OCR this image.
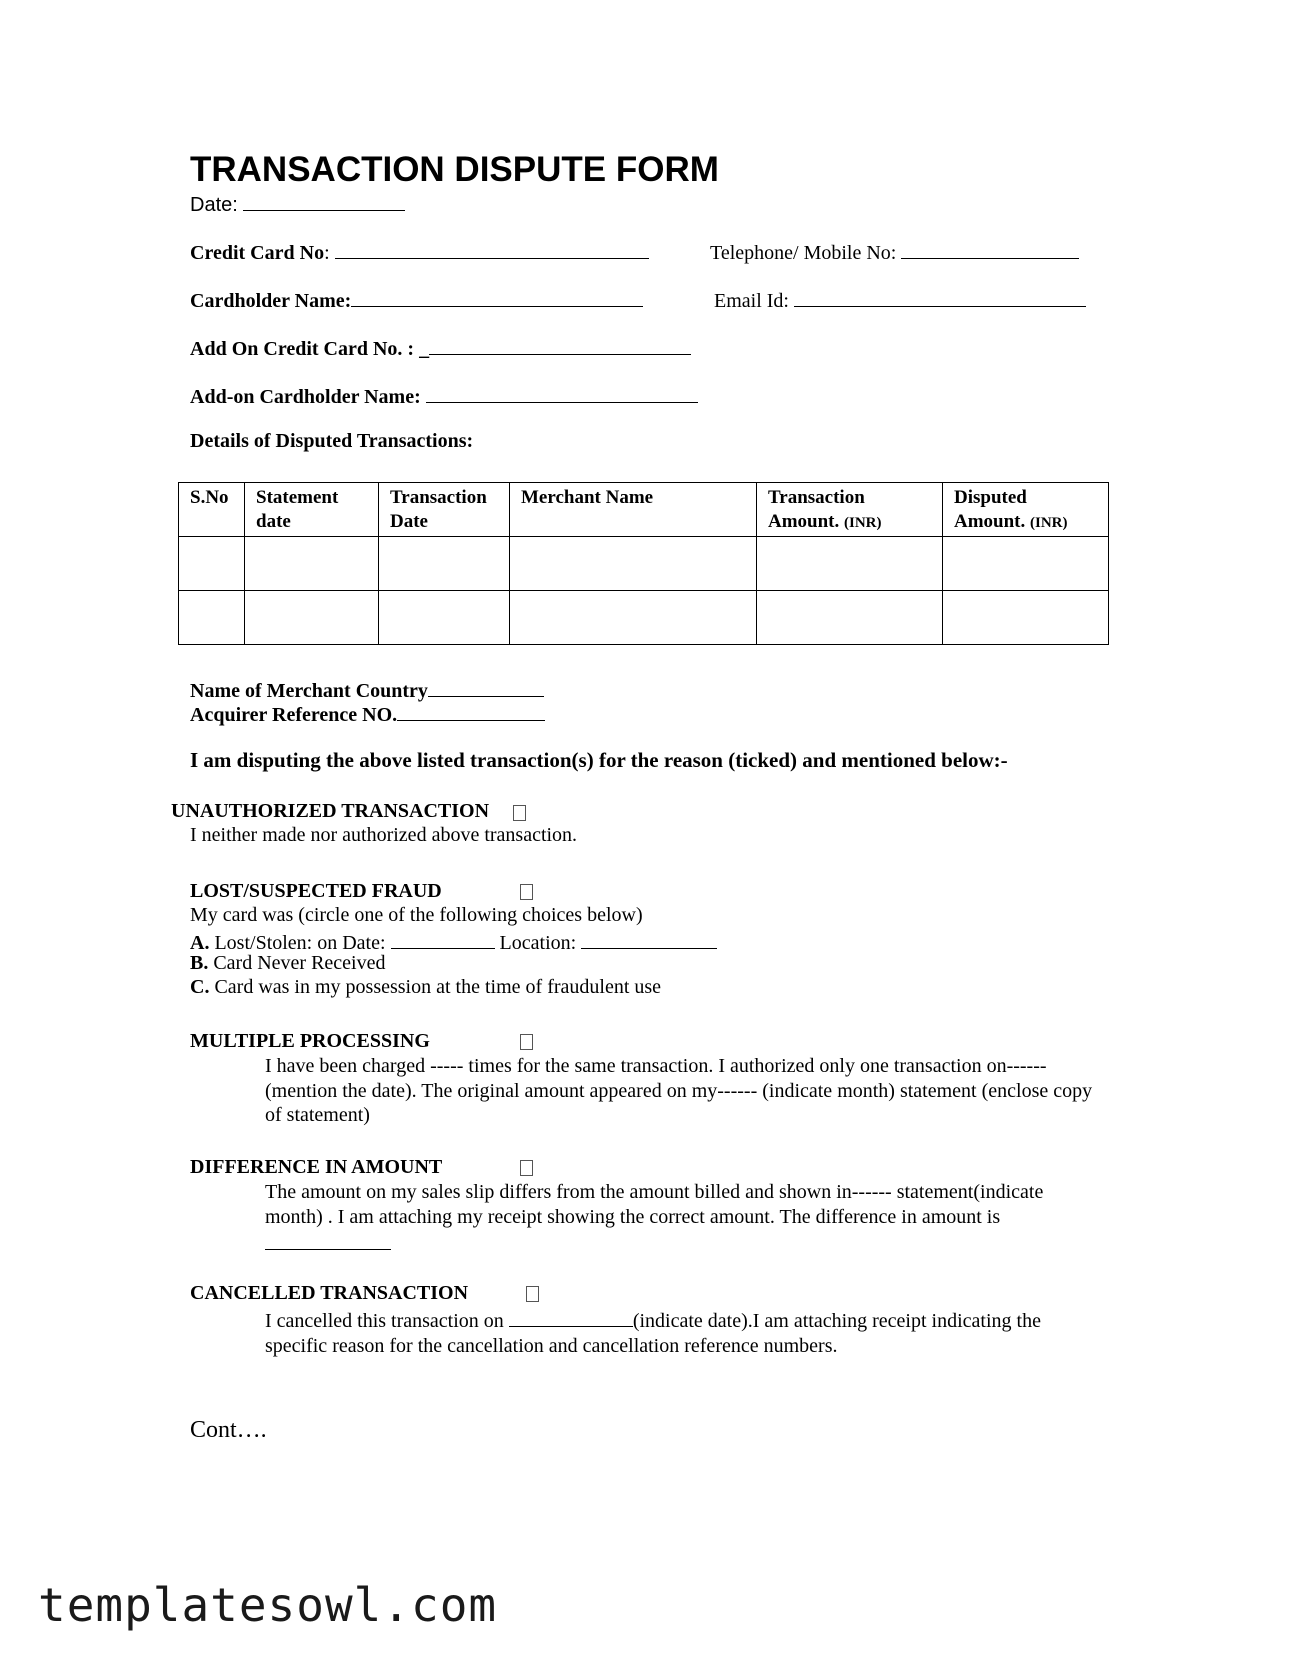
TRANSACTION DISPUTE FORM
Date:
Credit Card No:	Telephone/ Mobile No:
Cardholder Name:	Email Id:
Add On Credit Card No. : _
Add-on Cardholder Name:
Details of Disputed Transactions:
S.No	Statement date	Transaction Date	Merchant Name	Transaction Amount. (INR)	Disputed Amount. (INR)

Name of Merchant Country
Acquirer Reference NO.
I am disputing the above listed transaction(s) for the reason (ticked) and mentioned below:-
UNAUTHORIZED TRANSACTION
I neither made nor authorized above transaction.
LOST/SUSPECTED FRAUD
My card was (circle one of the following choices below)
A. Lost/Stolen: on Date:	Location:
B. Card Never Received
C. Card was in my possession at the time of fraudulent use
MULTIPLE PROCESSING
I have been charged ----- times for the same transaction. I authorized only one transaction on------ (mention the date). The original amount appeared on my------ (indicate month) statement (enclose copy of statement)
DIFFERENCE IN AMOUNT
The amount on my sales slip differs from the amount billed and shown in------ statement(indicate month) . I am attaching my receipt showing the correct amount. The difference in amount is
CANCELLED TRANSACTION
I cancelled this transaction on	(indicate date).I am attaching receipt indicating the specific reason for the cancellation and cancellation reference numbers.
Cont….
templatesowl.com
